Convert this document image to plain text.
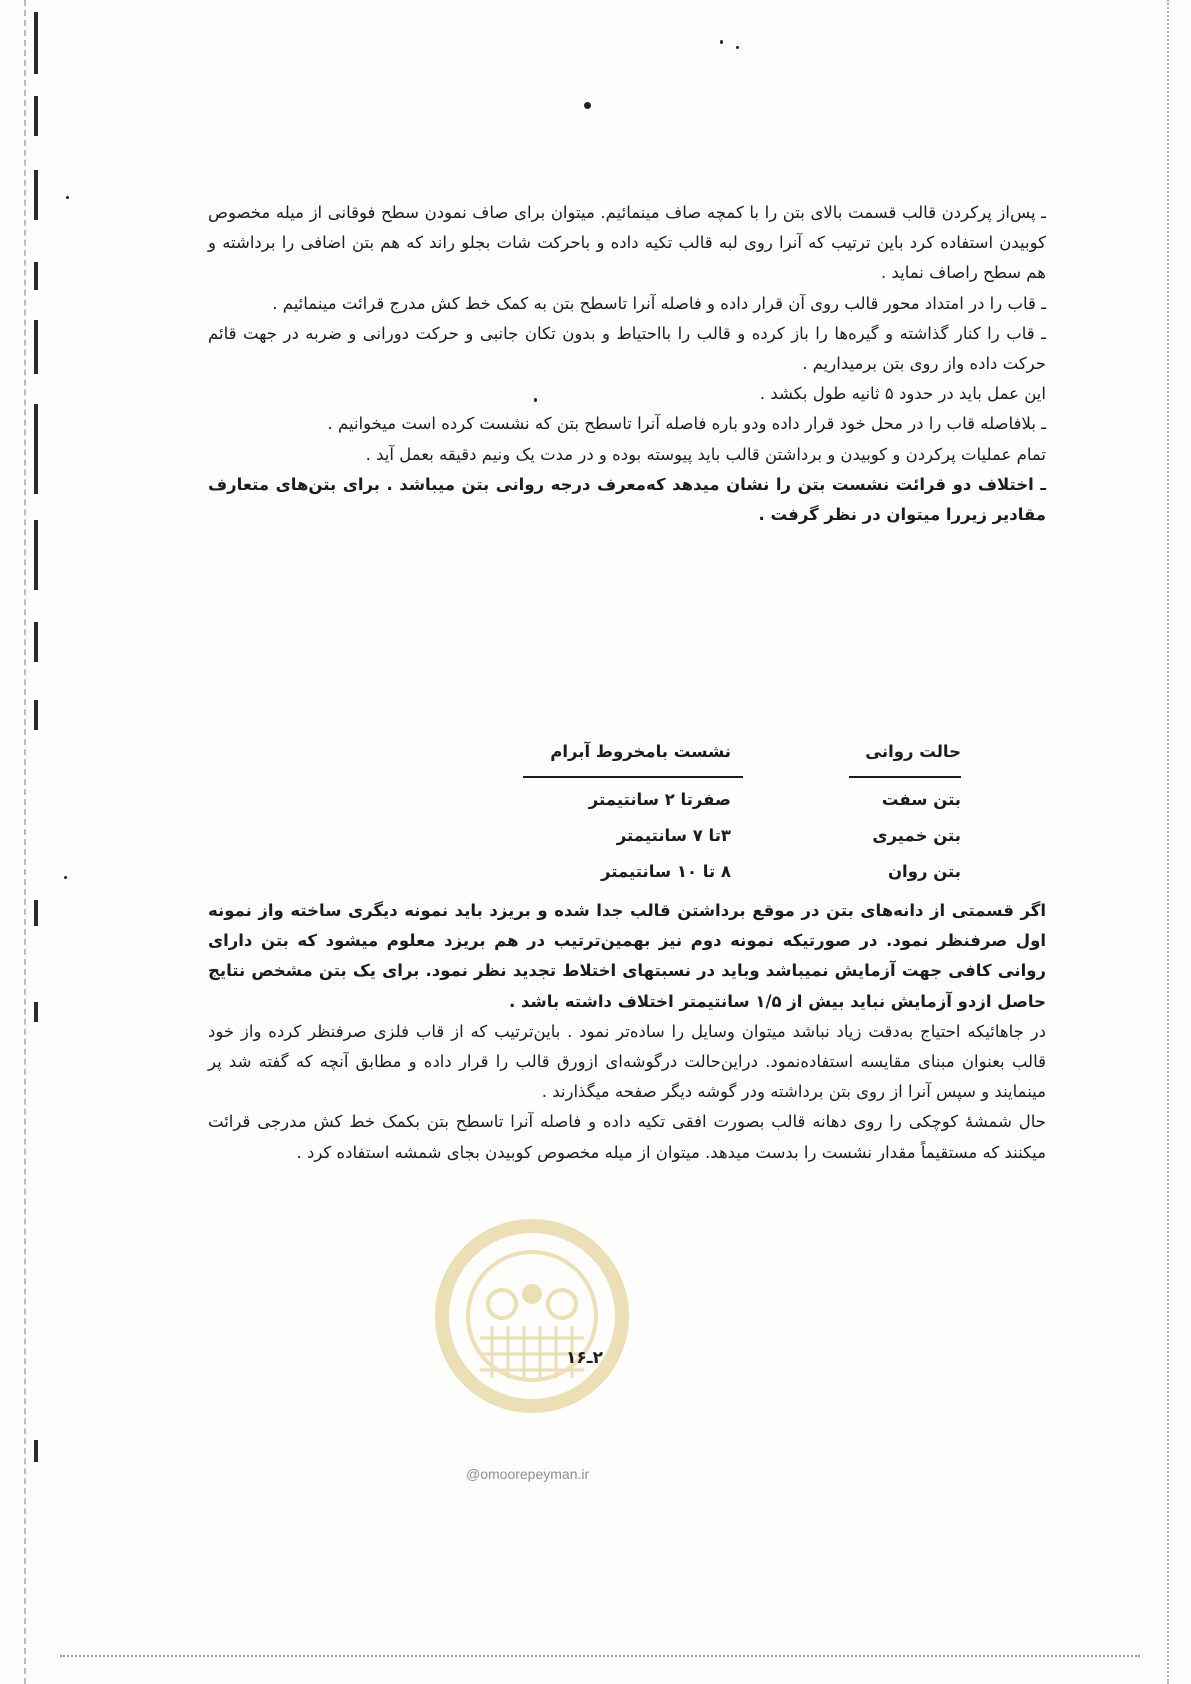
ـ پس‌از پرکردن قالب قسمت بالای بتن را با کمچه صاف مینمائیم. میتوان برای صاف نمودن سطح فوقانی از میله مخصوص کوبیدن استفاده کرد باین ترتیب که آنرا روی لبه قالب تکیه داده و باحرکت شات بجلو راند که هم بتن اضافی را برداشته و هم سطح راصاف نماید .

ـ قاب را در امتداد محور قالب روی آن قرار داده و فاصله آنرا تاسطح بتن به کمک خط کش مدرج قرائت مینمائیم .

ـ قاب را کنار گذاشته و گیره‌ها را باز کرده و قالب را بااحتیاط و بدون تکان جانبی و حرکت دورانی و ضربه در جهت قائم حرکت داده واز روی بتن برمیداریم .

این عمل باید در حدود ۵ ثانیه طول بکشد .

ـ بلافاصله قاب را در محل خود قرار داده ودو باره فاصله آنرا تاسطح بتن که نشست کرده است میخوانیم .

تمام عملیات پرکردن و کوبیدن و برداشتن قالب باید پیوسته بوده و در مدت یک ونیم دقیقه بعمل آید .

ـ اختلاف دو قرائت نشست بتن را نشان میدهد که‌معرف درجه روانی بتن میباشد . برای بتن‌های متعارف مقادیر زیررا میتوان در نظر گرفت .

حالت روانی
نشست بامخروط آبرام
بتن سفت
صفرتا ۲ سانتیمتر
بتن خمیری
۳تا ۷ سانتیمتر
بتن روان
۸ تا ۱۰ سانتیمتر

اگر قسمتی از دانه‌های بتن در موقع برداشتن قالب جدا شده و بریزد باید نمونه دیگری ساخته واز نمونه اول صرفنظر نمود. در صورتیکه نمونه دوم نیز بهمین‌ترتیب در هم بریزد معلوم میشود که بتن دارای روانی کافی جهت آزمایش نمیباشد وباید در نسبتهای اختلاط تجدید نظر نمود. برای یک بتن مشخص نتایج حاصل ازدو آزمایش نباید بیش از ۱/۵ سانتیمتر اختلاف داشته باشد .

در جاهائیکه احتیاج به‌دقت زیاد نباشد میتوان وسایل را ساده‌تر نمود . باین‌ترتیب که از قاب فلزی صرفنظر کرده واز خود قالب بعنوان مبنای مقایسه استفاده‌نمود. دراین‌حالت درگوشه‌ای ازورق قالب را قرار داده و مطابق آنچه که گفته شد پر مینمایند و سپس آنرا از روی بتن برداشته ودر گوشه دیگر صفحه میگذارند .

حال شمشهٔ کوچکی را روی دهانه قالب بصورت افقی تکیه داده و فاصله آنرا تاسطح بتن بکمک خط کش مدرجی قرائت میکنند که مستقیماً مقدار نشست را بدست میدهد. میتوان از میله مخصوص کوبیدن بجای شمشه استفاده کرد .

۲ـ۱۶
@omoorepeyman.ir
